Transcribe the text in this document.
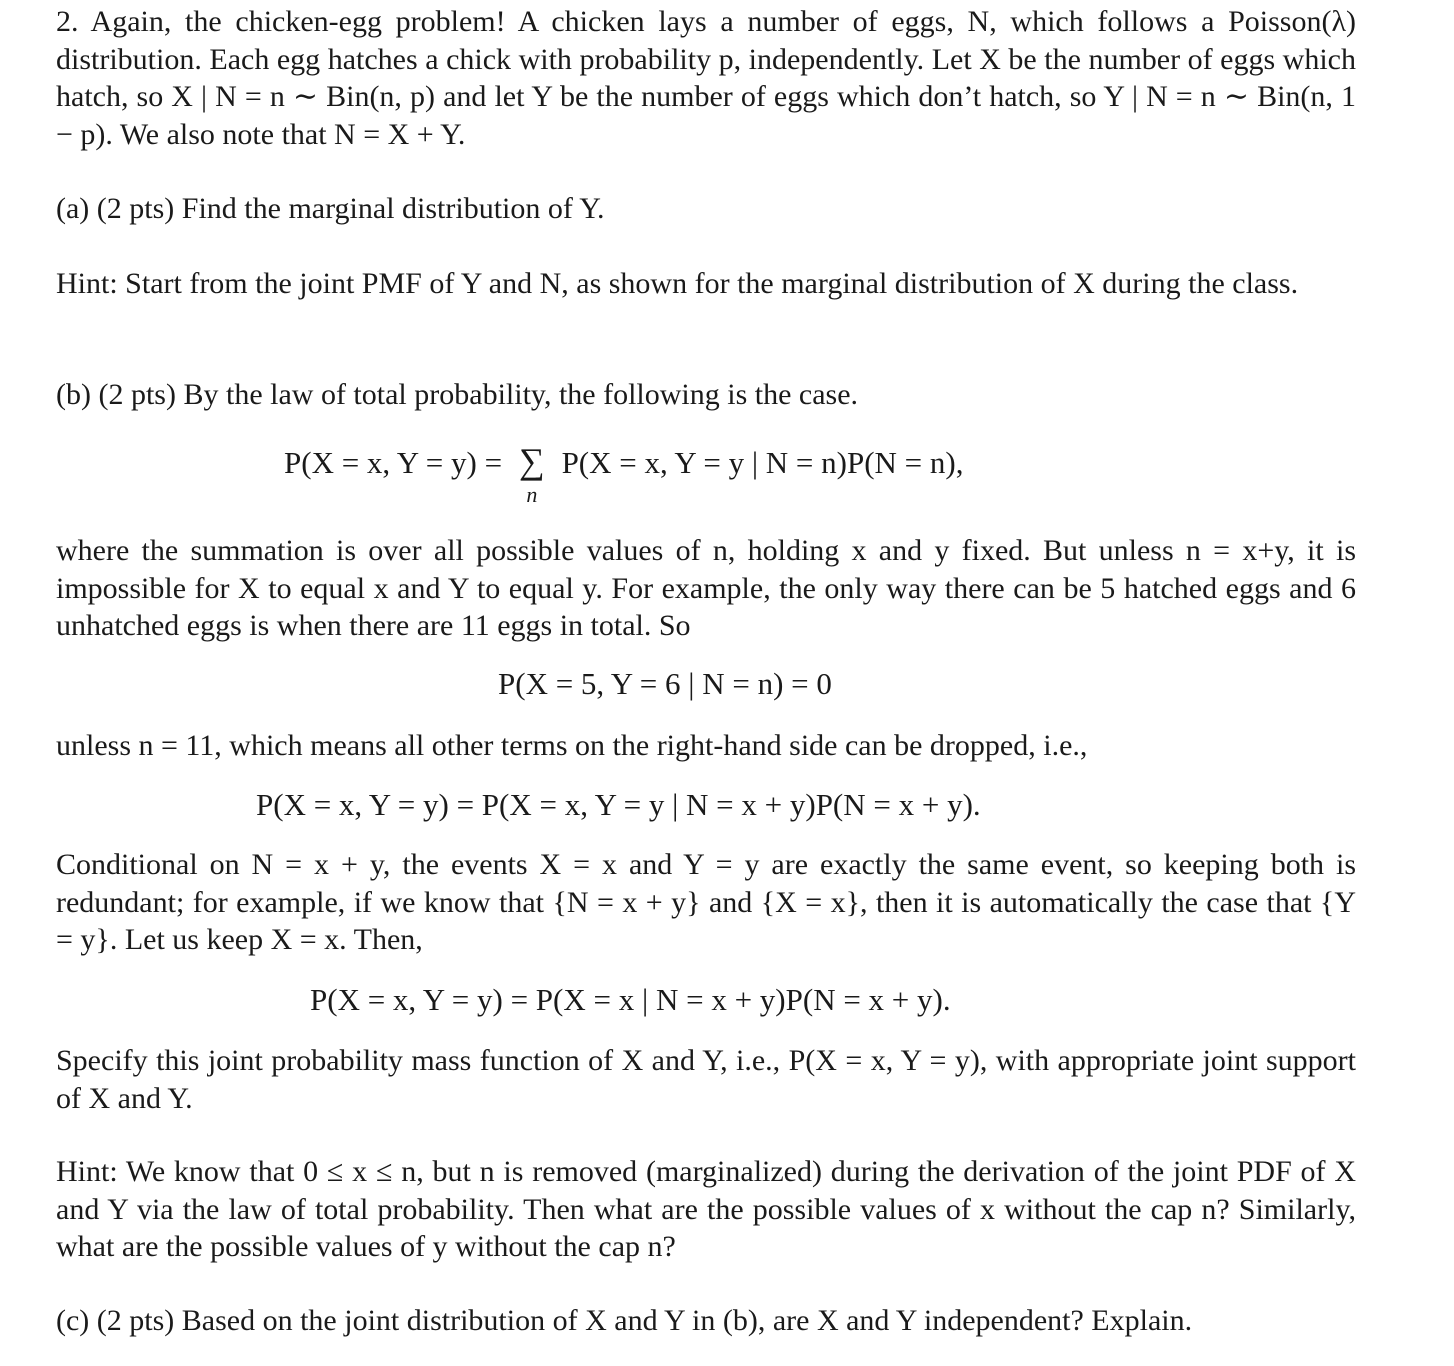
2. Again, the chicken-egg problem! A chicken lays a number of eggs, N, which follows a Poisson(λ) distribution. Each egg hatches a chick with probability p, independently. Let X be the number of eggs which hatch, so X | N = n ∼ Bin(n, p) and let Y be the number of eggs which don’t hatch, so Y | N = n ∼ Bin(n, 1 − p). We also note that N = X + Y.

(a) (2 pts) Find the marginal distribution of Y.

Hint: Start from the joint PMF of Y and N, as shown for the marginal distribution of X during the class.

(b) (2 pts) By the law of total probability, the following is the case.

P(X = x, Y = y) = ∑
n
P(X = x, Y = y | N = n)P(N = n),

where the summation is over all possible values of n, holding x and y fixed. But unless n = x+y, it is impossible for X to equal x and Y to equal y. For example, the only way there can be 5 hatched eggs and 6 unhatched eggs is when there are 11 eggs in total. So

P(X = 5, Y = 6 | N = n) = 0

unless n = 11, which means all other terms on the right-hand side can be dropped, i.e.,

P(X = x, Y = y) = P(X = x, Y = y | N = x + y)P(N = x + y).

Conditional on N = x + y, the events X = x and Y = y are exactly the same event, so keeping both is redundant; for example, if we know that {N = x + y} and {X = x}, then it is automatically the case that {Y = y}. Let us keep X = x. Then,

P(X = x, Y = y) = P(X = x | N = x + y)P(N = x + y).

Specify this joint probability mass function of X and Y, i.e., P(X = x, Y = y), with appropriate joint support of X and Y.

Hint: We know that 0 ≤ x ≤ n, but n is removed (marginalized) during the derivation of the joint PDF of X and Y via the law of total probability. Then what are the possible values of x without the cap n? Similarly, what are the possible values of y without the cap n?

(c) (2 pts) Based on the joint distribution of X and Y in (b), are X and Y independent? Explain.
